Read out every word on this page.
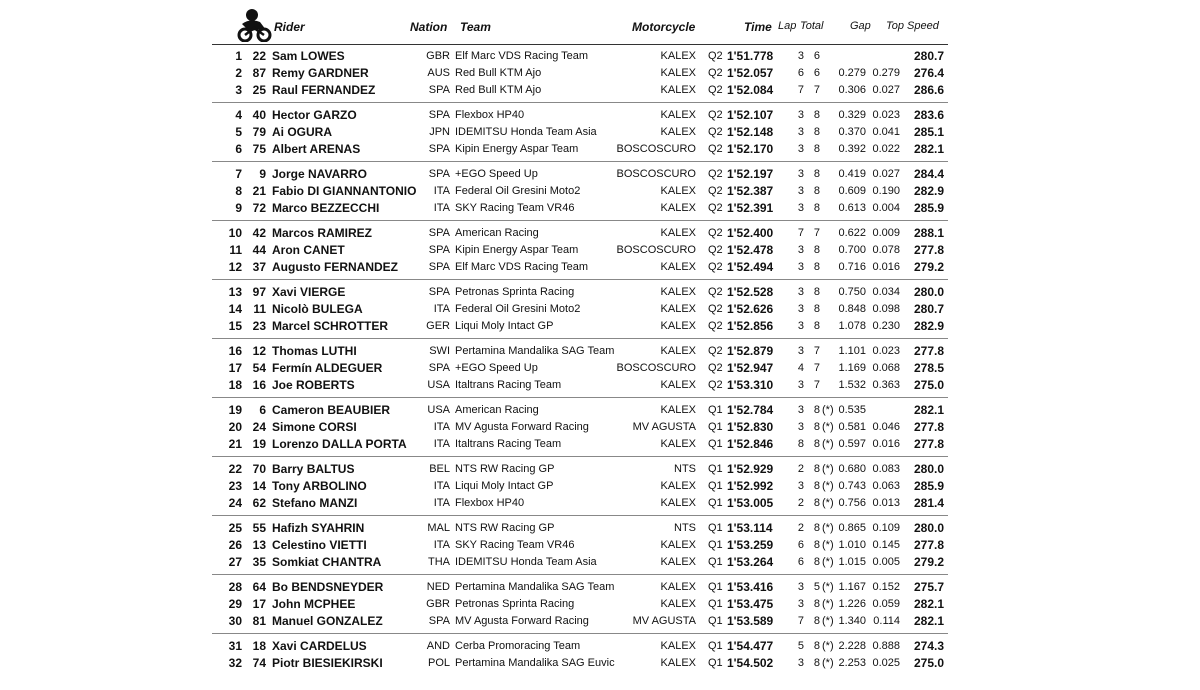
Rider	Nation Team	Motorcycle	Time Lap Total Gap Top Speed
1 22 Sam LOWES	GBR Elf Marc VDS Racing Team	KALEX Q2 1'51.778	3 6	280.7
2 87 Remy GARDNER	AUS Red Bull KTM Ajo	KALEX Q2 1'52.057	6 6	0.279 0.279	276.4
3 25 Raul FERNANDEZ	SPA Red Bull KTM Ajo	KALEX Q2 1'52.084	7 7	0.306 0.027	286.6
4 40 Hector GARZO	SPA Flexbox HP40	KALEX Q2 1'52.107	3 8	0.329 0.023	283.6
5 79 Ai OGURA	JPN IDEMITSU Honda Team Asia	KALEX Q2 1'52.148	3 8	0.370 0.041	285.1
6 75 Albert ARENAS	SPA Kipin Energy Aspar Team	BOSCOSCURO Q2 1'52.170	3 8	0.392 0.022	282.1
7	9 Jorge NAVARRO	SPA +EGO Speed Up	BOSCOSCURO Q2 1'52.197	3 8	0.419 0.027	284.4
8 21 Fabio DI GIANNANTONIO	ITA Federal Oil Gresini Moto2	KALEX Q2 1'52.387	3 8	0.609 0.190	282.9
9 72 Marco BEZZECCHI	ITA SKY Racing Team VR46	KALEX Q2 1'52.391	3 8	0.613 0.004	285.9
10 42 Marcos RAMIREZ	SPA American Racing	KALEX Q2 1'52.400	7 7	0.622 0.009	288.1
11 44 Aron CANET	SPA Kipin Energy Aspar Team	BOSCOSCURO Q2 1'52.478	3 8	0.700 0.078	277.8
12 37 Augusto FERNANDEZ	SPA Elf Marc VDS Racing Team	KALEX Q2 1'52.494	3 8	0.716 0.016	279.2
13 97 Xavi VIERGE	SPA Petronas Sprinta Racing	KALEX Q2 1'52.528	3 8	0.750 0.034	280.0
14 11 Nicolò BULEGA	ITA Federal Oil Gresini Moto2	KALEX Q2 1'52.626	3 8	0.848 0.098	280.7
15 23 Marcel SCHROTTER	GER Liqui Moly Intact GP	KALEX Q2 1'52.856	3 8	1.078 0.230	282.9
16 12 Thomas LUTHI	SWI Pertamina Mandalika SAG Team	KALEX Q2 1'52.879	3 7	1.101 0.023	277.8
17 54 Fermín ALDEGUER	SPA +EGO Speed Up	BOSCOSCURO Q2 1'52.947	4 7	1.169 0.068	278.5
18 16 Joe ROBERTS	USA Italtrans Racing Team	KALEX Q2 1'53.310	3 7	1.532 0.363	275.0
19	6 Cameron BEAUBIER	USA American Racing	KALEX Q1 1'52.784	3 8 (*) 0.535	282.1
20 24 Simone CORSI	ITA MV Agusta Forward Racing	MV AGUSTA Q1 1'52.830	3 8 (*) 0.581 0.046	277.8
21 19 Lorenzo DALLA PORTA	ITA Italtrans Racing Team	KALEX Q1 1'52.846	8 8 (*) 0.597 0.016	277.8
22 70 Barry BALTUS	BEL NTS RW Racing GP	NTS Q1 1'52.929	2 8 (*) 0.680 0.083	280.0
23 14 Tony ARBOLINO	ITA Liqui Moly Intact GP	KALEX Q1 1'52.992	3 8 (*) 0.743 0.063	285.9
24 62 Stefano MANZI	ITA Flexbox HP40	KALEX Q1 1'53.005	2 8 (*) 0.756 0.013	281.4
25 55 Hafizh SYAHRIN	MAL NTS RW Racing GP	NTS Q1 1'53.114	2 8 (*) 0.865 0.109	280.0
26 13 Celestino VIETTI	ITA SKY Racing Team VR46	KALEX Q1 1'53.259	6 8 (*) 1.010 0.145	277.8
27 35 Somkiat CHANTRA	THA IDEMITSU Honda Team Asia	KALEX Q1 1'53.264	6 8 (*) 1.015 0.005	279.2
28 64 Bo BENDSNEYDER	NED Pertamina Mandalika SAG Team	KALEX Q1 1'53.416	3 5 (*) 1.167 0.152	275.7
29 17 John MCPHEE	GBR Petronas Sprinta Racing	KALEX Q1 1'53.475	3 8 (*) 1.226 0.059	282.1
30 81 Manuel GONZALEZ	SPA MV Agusta Forward Racing	MV AGUSTA Q1 1'53.589	7 8 (*) 1.340 0.114	282.1
31 18 Xavi CARDELUS	AND Cerba Promoracing Team	KALEX Q1 1'54.477	5 8 (*) 2.228 0.888	274.3
32 74 Piotr BIESIEKIRSKI	POL Pertamina Mandalika SAG Euvic	KALEX Q1 1'54.502	3 8 (*) 2.253 0.025	275.0
